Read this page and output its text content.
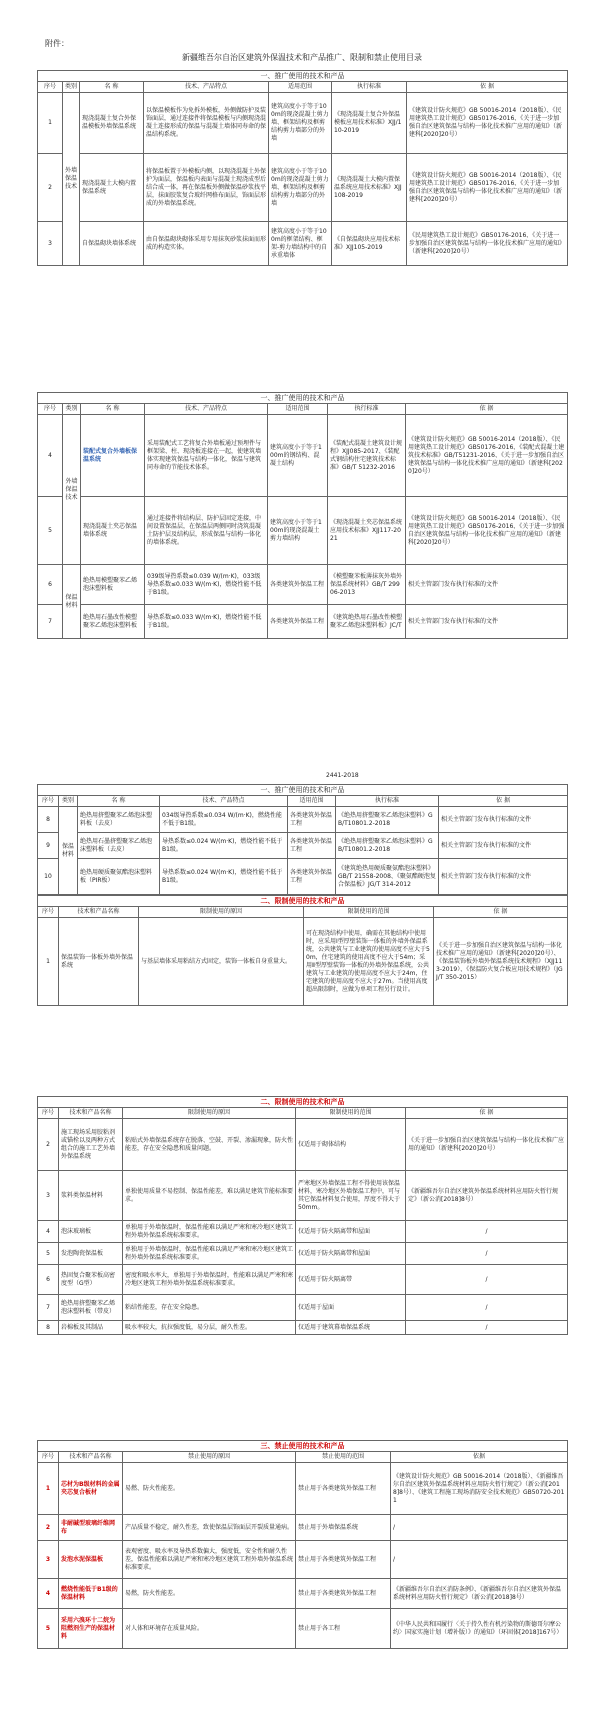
附件：
新疆维吾尔自治区建筑外保温技术和产品推广、限制和禁止使用目录
一、推广使用的技术和产品						
序号	类别	名 称	技术、产品特点	适用范围	执行标准	依 据
1	外墙保温技术	现浇混凝土复合外保温模板外墙保温系统	以保温模板作为免拆外模板，外侧做防护及装饰面层，通过连接件将保温模板与内侧现浇混凝土连接形成的保温与混凝土墙体同寿命的保温结构系统。	建筑高度小于等于100m的现浇混凝土剪力墙、框架结构及框剪结构剪力墙部分的外墙	《现浇混凝土复合外保温模板应用技术标准》XJJ/110-2019	《建筑设计防火规范》GB 50016-2014（2018版）、《民用建筑热工设计规范》GB50176-2016、《关于进一步加强自治区建筑保温与结构一体化技术推广应用的通知》（新建科[2020]20号）
2		现浇混凝土大模内置保温系统	将保温板置于外模板内侧，以现浇混凝土外保护为面层，保温板内表面与混凝土现浇成型后结合成一体，再在保温板外侧做保温砂浆找平层，抹面胶浆复合玻纤网格布面层，饰面层形成的外墙保温系统。	建筑高度小于等于100m的现浇混凝土剪力墙、框架结构及框剪结构剪力墙部分的外墙	《现浇混凝土大模内置保温系统应用技术标准》XJJ108-2019	《建筑设计防火规范》GB 50016-2014（2018版）、《民用建筑热工设计规范》GB50176-2016、《关于进一步加强自治区建筑保温与结构一体化技术推广应用的通知》（新建科[2020]20号）
3		自保温砌块墙体系统	由自保温砌块砌体采用专用抹灰砂浆抹面而形成的构造实体。	建筑高度小于等于100m的框架结构、框架-剪力墙结构中的自承重墙体	《自保温砌块应用技术标准》XJJ105-2019	《民用建筑热工设计规范》GB50176-2016、《关于进一步加强自治区建筑保温与结构一体化技术推广应用的通知》（新建科[2020]20号）
一、推广使用的技术和产品						
序号	类别	名 称	技术、产品特点	适用范围	执行标准	依 据
4	外墙保温技术	装配式复合外墙板保温系统	采用装配式工艺将复合外墙板通过预埋件与框架梁、柱、现浇板连接在一起，使建筑墙体实现建筑保温与结构一体化，保温与建筑同寿命的节能技术体系。	建筑高度小于等于100m的钢结构、混凝土结构	《装配式混凝土建筑设计规程》XJJ085-2017、《装配式钢结构住宅建筑技术标准》GB/T 51232-2016	《建筑设计防火规范》GB 50016-2014（2018版）、《民用建筑热工设计规范》GB50176-2016、《装配式混凝土建筑技术标准》GB/T51231-2016、《关于进一步加强自治区建筑保温与结构一体化技术推广应用的通知》（新建科[2020]20号）
5		现浇混凝土夹芯保温墙体系统	通过连接件将结构层、防护层固定连接，中间设置保温层，在保温层两侧同时浇筑混凝土防护层及结构层，形成保温与结构一体化的墙体系统。	建筑高度小于等于100m的现浇混凝土剪力墙结构	《现浇混凝土夹芯保温系统应用技术标准》XJJ117-2021	《建筑设计防火规范》GB 50016-2014（2018版）、《民用建筑热工设计规范》GB50176-2016、《关于进一步加强自治区建筑保温与结构一体化技术推广应用的通知》（新建科[2020]20号）
6	保温材料	绝热用模塑聚苯乙烯泡沫塑料板	039级导热系数≤0.039 W/(m·K)，033级导热系数≤0.033 W/(m·K)，燃烧性能不低于B1级。	各类建筑外保温工程	《模塑聚苯板薄抹灰外墙外保温系统材料》GB/T 29906-2013	相关主管部门发布执行标准的文件
7		绝热用石墨改性模塑聚苯乙烯泡沫塑料板	导热系数≤0.033 W/(m·K)，燃烧性能不低于B1级。	各类建筑外保温工程	《建筑绝热用石墨改性模塑聚苯乙烯泡沫塑料板》JC/T	相关主管部门发布执行标准的文件
2441-2018
一、推广使用的技术和产品						
序号	类别	名 称	技术、产品特点	适用范围	执行标准	依 据
8	保温材料	绝热用挤塑聚苯乙烯泡沫塑料板（去皮）	034级导热系数≤0.034 W/(m·K)，燃烧性能不低于B1级。	各类建筑外保温工程	《绝热用挤塑聚苯乙烯泡沫塑料》GB/T10801.2-2018	相关主管部门发布执行标准的文件
9		绝热用石墨挤塑聚苯乙烯泡沫塑料板（去皮）	导热系数≤0.024 W/(m·K)，燃烧性能不低于B1级。	各类建筑外保温工程	《绝热用挤塑聚苯乙烯泡沫塑料》GB/T10801.2-2018	相关主管部门发布执行标准的文件
10		绝热用硬质聚氨酯泡沫塑料板（PIR板）	导热系数≤0.024 W/(m·K)，燃烧性能不低于B1级。	各类建筑外保温工程	《建筑绝热用硬质聚氨酯泡沫塑料》GB/T 21558-2008、《聚氨酯硬泡复合保温板》JG/T 314-2012	相关主管部门发布执行标准的文件
二、限制使用的技术和产品				
序号	技术和产品名称	限制使用的原因	限制使用的范围	依 据
1	保温装饰一体板外墙外保温系统	与基层墙体采用粘结方式固定，装饰一体板自身重量大。	可在现浇结构中使用，确需在其他结构中使用时，应采用Ⅰ型厚壁装饰一体板的外墙外保温系统，公共建筑与工业建筑的使用高度不应大于50m，住宅建筑的使用高度不应大于54m；采用Ⅱ型厚壁装饰一体板的外墙外保温系统，公共建筑与工业建筑的使用高度不应大于24m，住宅建筑的使用高度不应大于27m。当使用高度超出限制时，应做为单项工程另行设计。	《关于进一步加强自治区建筑保温与结构一体化技术推广应用的通知》（新建科[2020]20号）、《保温装饰板外墙外保温系统技术规程》（XJJ113-2019）、《保温防火复合板应用技术规程》（JGJ/T 350-2015）
二、限制使用的技术和产品				
序号	技术和产品名称	限制使用的原因	限制使用的范围	依 据
2	施工现场采用胶粘剂或锚栓以及两种方式组合的施工工艺外墙外保温系统	粘贴式外墙保温系统存在脱落、空鼓、开裂、渗漏现象，防火性能差，存在安全隐患和质量问题。	仅适用于砌体结构	《关于进一步加强自治区建筑保温与结构一体化技术推广应用的通知》（新建科[2020]20号）
3	浆料类保温材料	单独使用质量不易控制、保温性能差，难以满足建筑节能标准要求。	严寒地区外墙保温工程不得使用该保温材料，寒冷地区外墙保温工程中，可与其它保温材料复合使用，厚度不得大于50mm。	《新疆维吾尔自治区建筑外保温系统材料应用防火暂行规定》（新公消[2018]8号）
4	泡沫玻璃板	单独用于外墙保温时，保温性能难以满足严寒和寒冷地区建筑工程外墙外保温系统标准要求。	仅适用于防火隔离带和屋面	/
5	发泡陶瓷保温板	单独用于外墙保温时，保温性能难以满足严寒和寒冷地区建筑工程外墙外保温系统标准要求。	仅适用于防火隔离带和屋面	/
6	热固复合聚苯板高密度型（G型）	密度和吸水率大，单独用于外墙保温时，性能难以满足严寒和寒冷地区建筑工程外墙外保温系统标准要求。	仅适用于防火隔离带	/
7	绝热用挤塑聚苯乙烯泡沫塑料板（带皮）	粘结性能差，存在安全隐患。	仅适用于屋面	/
8	岩棉板及其制品	吸水率较大，抗拉强度低，易分层，耐久性差。	仅适用于建筑幕墙保温系统	/
三、禁止使用的技术和产品				
序号	技术和产品名称	禁止使用的原因	禁止使用的范围	依据
1	芯材为B级材料的金属夹芯复合板材	易燃、防火性能差。	禁止用于各类建筑外保温工程	《建筑设计防火规范》GB 50016-2014（2018版）、《新疆维吾尔自治区建筑外保温系统材料应用防火暂行规定》（新公消[2018]8号）、《建筑工程施工现场消防安全技术规范》GB50720-2011
2	非耐碱型玻璃纤维网布	产品质量不稳定，耐久性差，致使保温层饰面层开裂质量通病。	禁止用于外墙保温系统	/
3	发泡水泥保温板	表观密度、吸水率及导热系数偏大，强度低，安全性和耐久性差，保温性能难以满足严寒和寒冷地区建筑工程外墙外保温系统标准要求。	禁止用于各类建筑外保温工程	/
4	燃烧性能低于B1级的保温材料	易燃，防火性能差。	禁止用于各类建筑外保温工程	《新疆维吾尔自治区消防条例》、《新疆维吾尔自治区建筑外保温系统材料应用防火暂行规定》（新公消[2018]8号）
5	采用六溴环十二烷为阻燃剂生产的保温材料	对人体和环境存在质量风险。	禁止用于各工程	《中华人民共和国履行〈关于持久性有机污染物的斯德哥尔摩公约〉国家实施计划（增补版）》的通知》（环固体[2018]167号）
